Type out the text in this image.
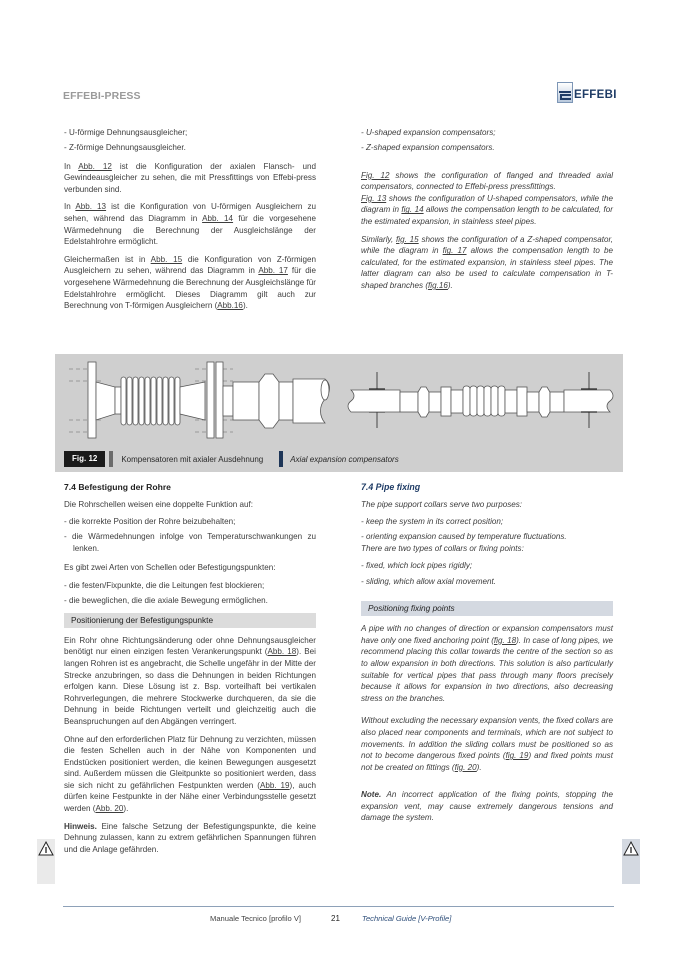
EFFEBI-PRESS	EFFEBI
- U-förmige Dehnungsausgleicher;
- Z-förmige Dehnungsausgleicher.

In Abb. 12 ist die Konfiguration der axialen Flansch- und Gewindeausgleicher zu sehen, die mit Pressfittings von Effebi-press verbunden sind.

In Abb. 13 ist die Konfiguration von U-förmigen Ausgleichern zu sehen, während das Diagramm in Abb. 14 für die vorgesehene Wärmedehnung die Berechnung der Ausgleichslänge der Edelstahlrohre ermöglicht.

Gleichermaßen ist in Abb. 15 die Konfiguration von Z-förmigen Ausgleichern zu sehen, während das Diagramm in Abb. 17 für die vorgesehene Wärmedehnung die Berechnung der Ausgleichslänge für Edelstahlrohre ermöglicht. Dieses Diagramm gilt auch zur Berechnung von T-förmigen Ausgleichern (Abb.16).

- U-shaped expansion compensators;
- Z-shaped expansion compensators.

Fig. 12 shows the configuration of flanged and threaded axial compensators, connected to Effebi-press pressfittings.

Fig. 13 shows the configuration of U-shaped compensators, while the diagram in fig. 14 allows the compensation length to be calculated, for the estimated expansion, in stainless steel pipes.

Similarly, fig. 15 shows the configuration of a Z-shaped compensator, while the diagram in fig. 17 allows the compensation length to be calculated, for the estimated expansion, in stainless steel pipes. The latter diagram can also be used to calculate compensation in T-shaped branches (fig.16).

Fig. 12	Kompensatoren mit axialer Ausdehnung	Axial expansion compensators
7.4 Befestigung der Rohre

Die Rohrschellen weisen eine doppelte Funktion auf:

- die korrekte Position der Rohre beizubehalten;
- die Wärmedehnungen infolge von Temperaturschwankungen zu lenken.

Es gibt zwei Arten von Schellen oder Befestigungspunkten:

- die festen/Fixpunkte, die die Leitungen fest blockieren;
- die beweglichen, die die axiale Bewegung ermöglichen.
Positionierung der Befestigungspunkte

Ein Rohr ohne Richtungsänderung oder ohne Dehnungsausgleicher benötigt nur einen einzigen festen Verankerungspunkt (Abb. 18). Bei langen Rohren ist es angebracht, die Schelle ungefähr in der Mitte der Strecke anzubringen, so dass die Dehnungen in beiden Richtungen erfolgen kann. Diese Lösung ist z. Bsp. vorteilhaft bei vertikalen Rohrverlegungen, die mehrere Stockwerke durchqueren, da sie die Dehnung in beide Richtungen verteilt und gleichzeitig auch die Beanspruchungen auf den Abgängen verringert.

Ohne auf den erforderlichen Platz für Dehnung zu verzichten, müssen die festen Schellen auch in der Nähe von Komponenten und Endstücken positioniert werden, die keinen Bewegungen ausgesetzt sind. Außerdem müssen die Gleitpunkte so positioniert werden, dass sie sich nicht zu gefährlichen Festpunkten werden (Abb. 19), auch dürfen keine Festpunkte in der Nähe einer Verbindungsstelle gesetzt werden (Abb. 20).

Hinweis. Eine falsche Setzung der Befestigungspunkte, die keine Dehnung zulassen, kann zu extrem gefährlichen Spannungen führen und die Anlage gefährden.

7.4 Pipe fixing

The pipe support collars serve two purposes:

- keep the system in its correct position;
- orienting expansion caused by temperature fluctuations.

There are two types of collars or fixing points:

- fixed, which lock pipes rigidly;
- sliding, which allow axial movement.
Positioning fixing points

A pipe with no changes of direction or expansion compensators must have only one fixed anchoring point (fig. 18). In case of long pipes, we recommend placing this collar towards the centre of the section so as to allow expansion in both directions. This solution is also particularly suitable for vertical pipes that pass through many floors precisely because it allows for expansion in two directions, also decreasing stress on the branches.

Without excluding the necessary expansion vents, the fixed collars are also placed near components and terminals, which are not subject to movements. In addition the sliding collars must be positioned so as not to become dangerous fixed points (fig. 19) and fixed points must not be created on fittings (fig. 20).

Note. An incorrect application of the fixing points, stopping the expansion vent, may cause extremely dangerous tensions and damage the system.

Manuale Tecnico [profilo V]	21	Technical Guide [V-Profile]
